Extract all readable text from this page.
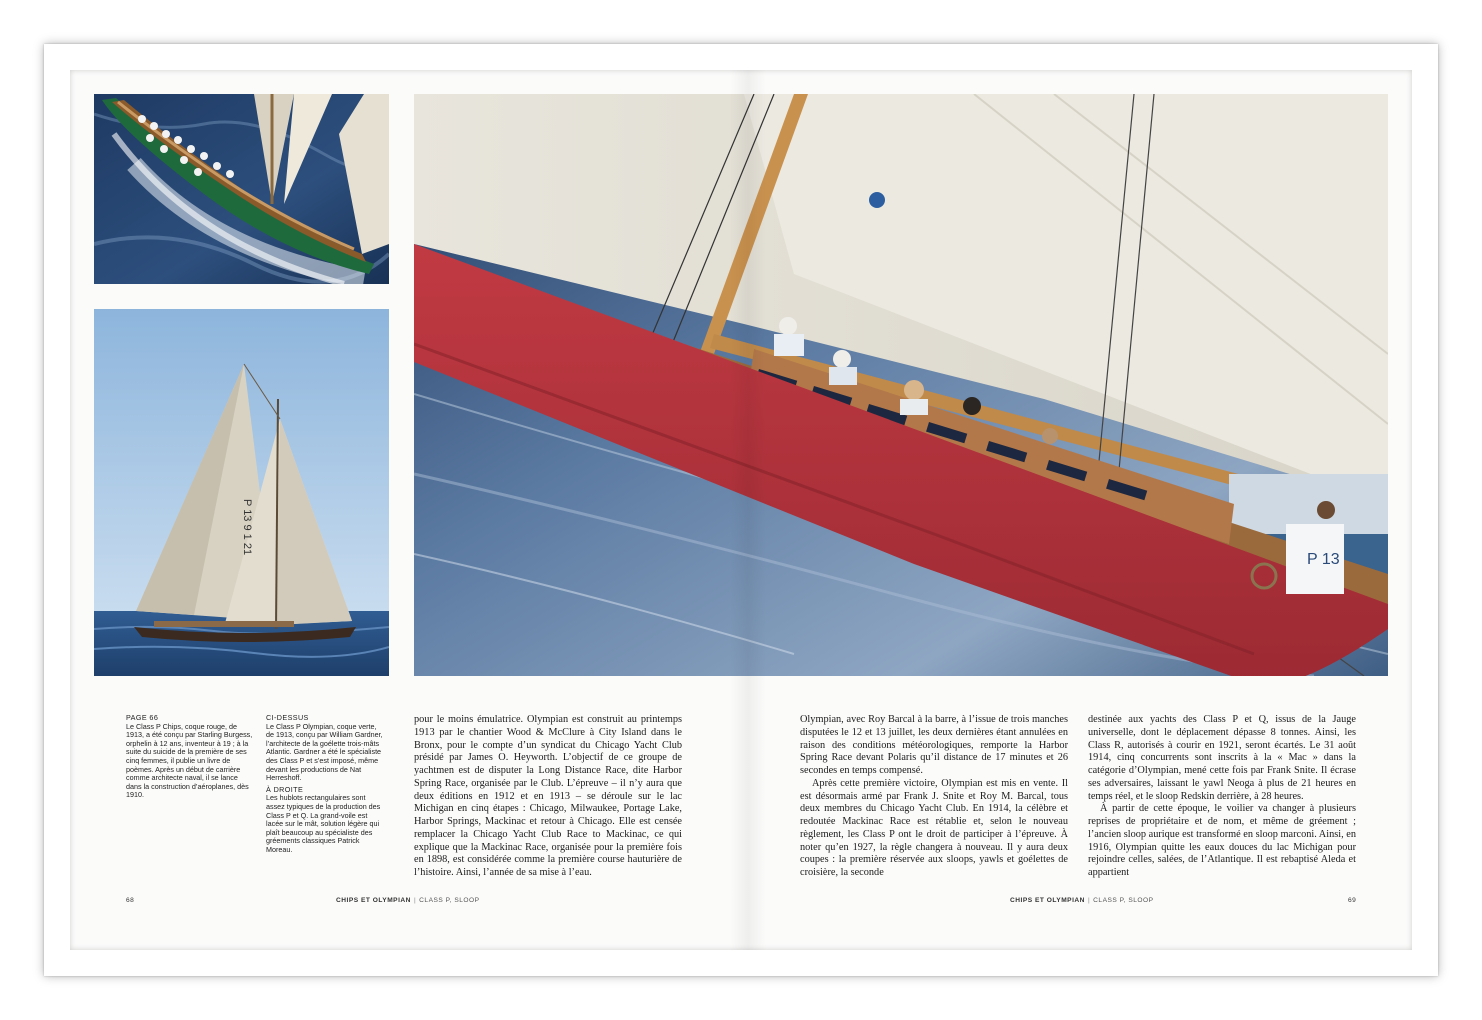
P 13 9 1 21
P 13
PAGE 66

Le Class P Chips, coque rouge, de 1913, a été conçu par Starling Burgess, orphelin à 12 ans, inventeur à 19 ; à la suite du suicide de la première de ses cinq femmes, il publie un livre de poèmes. Après un début de carrière comme architecte naval, il se lance dans la construction d’aéroplanes, dès 1910.

CI-DESSUS

Le Class P Olympian, coque verte, de 1913, conçu par William Gardner, l’architecte de la goélette trois-mâts Atlantic. Gardner a été le spécialiste des Class P et s’est imposé, même devant les productions de Nat Herreshoff.

À DROITE

Les hublots rectangulaires sont assez typiques de la production des Class P et Q. La grand-voile est lacée sur le mât, solution légère qui plaît beaucoup au spécialiste des gréements classiques Patrick Moreau.

pour le moins émulatrice. Olympian est construit au printemps 1913 par le chantier Wood & McClure à City Island dans le Bronx, pour le compte d’un syndicat du Chicago Yacht Club présidé par James O. Heyworth. L’objectif de ce groupe de yachtmen est de disputer la Long Distance Race, dite Harbor Spring Race, organisée par le Club. L’épreuve – il n’y aura que deux éditions en 1912 et en 1913 – se déroule sur le lac Michigan en cinq étapes : Chicago, Milwaukee, Portage Lake, Harbor Springs, Mackinac et retour à Chicago. Elle est censée remplacer la Chicago Yacht Club Race to Mackinac, ce qui explique que la Mackinac Race, organisée pour la première fois en 1898, est considérée comme la première course hauturière de l’histoire. Ainsi, l’année de sa mise à l’eau.

Olympian, avec Roy Barcal à la barre, à l’issue de trois manches disputées le 12 et 13 juillet, les deux dernières étant annulées en raison des conditions météorologiques, remporte la Harbor Spring Race devant Polaris qu’il distance de 17 minutes et 26 secondes en temps compensé.

Après cette première victoire, Olympian est mis en vente. Il est désormais armé par Frank J. Snite et Roy M. Barcal, tous deux membres du Chicago Yacht Club. En 1914, la célèbre et redoutée Mackinac Race est rétablie et, selon le nouveau règlement, les Class P ont le droit de participer à l’épreuve. À noter qu’en 1927, la règle changera à nouveau. Il y aura deux coupes : la première réservée aux sloops, yawls et goélettes de croisière, la seconde

destinée aux yachts des Class P et Q, issus de la Jauge universelle, dont le déplacement dépasse 8 tonnes. Ainsi, les Class R, autorisés à courir en 1921, seront écartés. Le 31 août 1914, cinq concurrents sont inscrits à la « Mac » dans la catégorie d’Olympian, mené cette fois par Frank Snite. Il écrase ses adversaires, laissant le yawl Neoga à plus de 21 heures en temps réel, et le sloop Redskin derrière, à 28 heures.

À partir de cette époque, le voilier va changer à plusieurs reprises de propriétaire et de nom, et même de gréement ; l’ancien sloop aurique est transformé en sloop marconi. Ainsi, en 1916, Olympian quitte les eaux douces du lac Michigan pour rejoindre celles, salées, de l’Atlantique. Il est rebaptisé Aleda et appartient

68	CHIPS ET OLYMPIAN | CLASS P, SLOOP	CHIPS ET OLYMPIAN | CLASS P, SLOOP	69
